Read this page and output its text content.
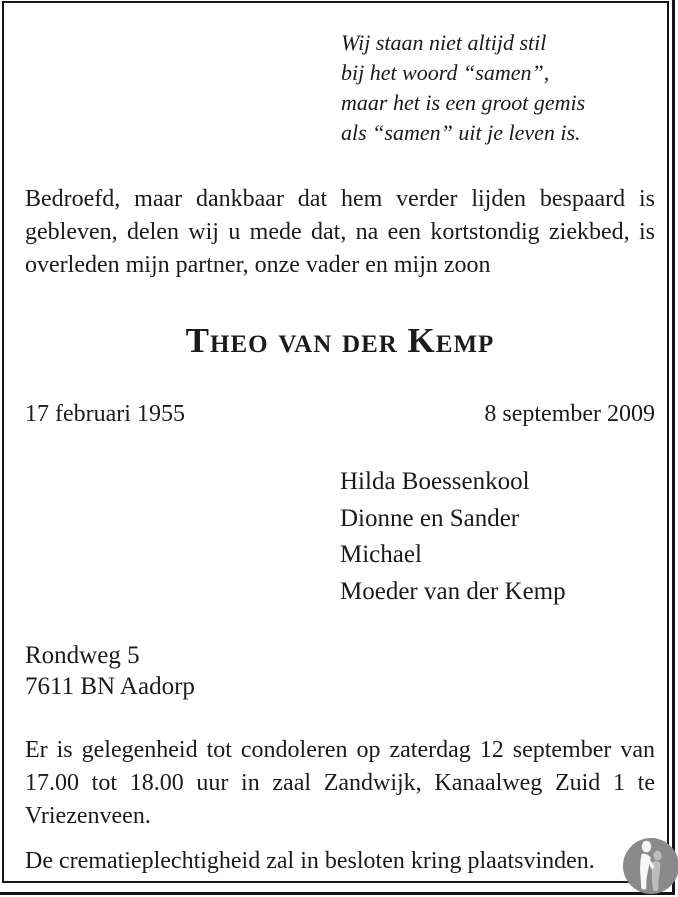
Wij staan niet altijd stil
bij het woord “samen”,
maar het is een groot gemis
als “samen” uit je leven is.
Bedroefd, maar dankbaar dat hem verder lijden bespaard is gebleven, delen wij u mede dat, na een kortstondig ziekbed, is overleden mijn partner, onze vader en mijn zoon
Theo van der Kemp
17 februari 1955	8 september 2009
Hilda Boessenkool
Dionne en Sander
Michael
Moeder van der Kemp
Rondweg 5
7611 BN Aadorp
Er is gelegenheid tot condoleren op zaterdag 12 september van 17.00 tot 18.00 uur in zaal Zandwijk, Kanaalweg Zuid 1 te Vriezenveen.
De crematieplechtigheid zal in besloten kring plaatsvinden.
